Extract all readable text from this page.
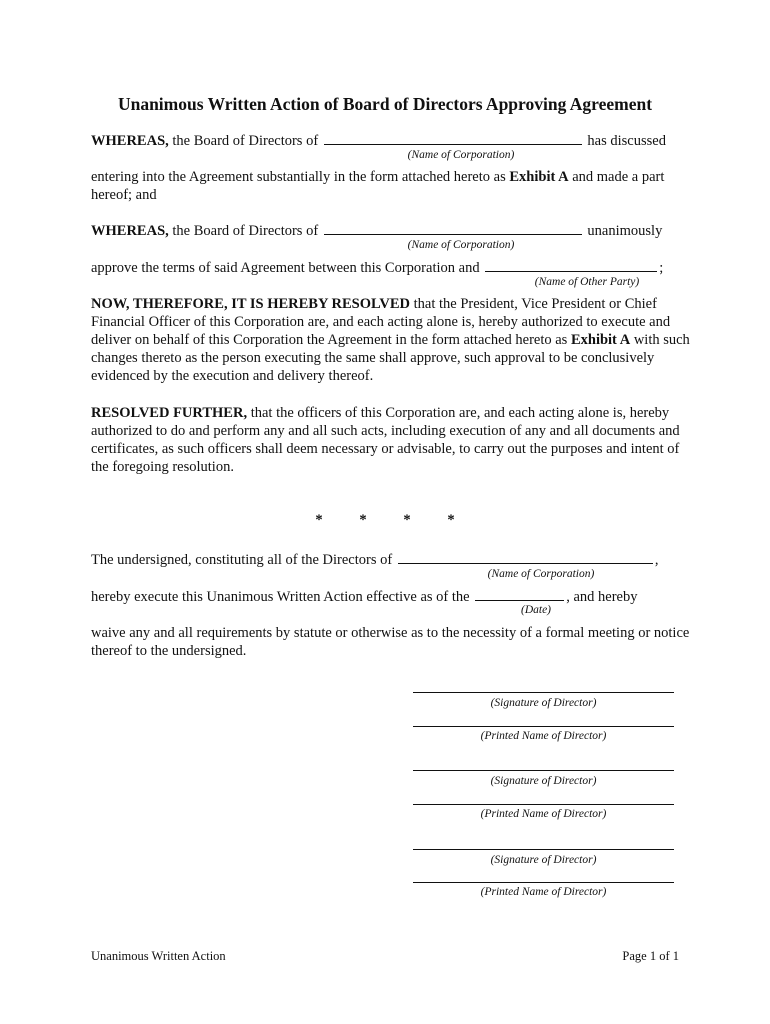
Unanimous Written Action of Board of Directors Approving Agreement
WHEREAS, the Board of Directors of	has discussed
(Name of Corporation)
entering into the Agreement substantially in the form attached hereto as Exhibit A and made a part hereof; and
WHEREAS, the Board of Directors of	unanimously
(Name of Corporation)
approve the terms of said Agreement between this Corporation and	;
(Name of Other Party)
NOW, THEREFORE, IT IS HEREBY RESOLVED that the President, Vice President or Chief Financial Officer of this Corporation are, and each acting alone is, hereby authorized to execute and deliver on behalf of this Corporation the Agreement in the form attached hereto as Exhibit A with such changes thereto as the person executing the same shall approve, such approval to be conclusively evidenced by the execution and delivery thereof.
RESOLVED FURTHER, that the officers of this Corporation are, and each acting alone is, hereby authorized to do and perform any and all such acts, including execution of any and all documents and certificates, as such officers shall deem necessary or advisable, to carry out the purposes and intent of the foregoing resolution.
*	*	*	*
The undersigned, constituting all of the Directors of	,
(Name of Corporation)
hereby execute this Unanimous Written Action effective as of the	, and hereby
(Date)
waive any and all requirements by statute or otherwise as to the necessity of a formal meeting or notice thereof to the undersigned.
(Signature of Director)
(Printed Name of Director)
(Signature of Director)
(Printed Name of Director)
(Signature of Director)
(Printed Name of Director)
Unanimous Written Action	Page 1 of 1
